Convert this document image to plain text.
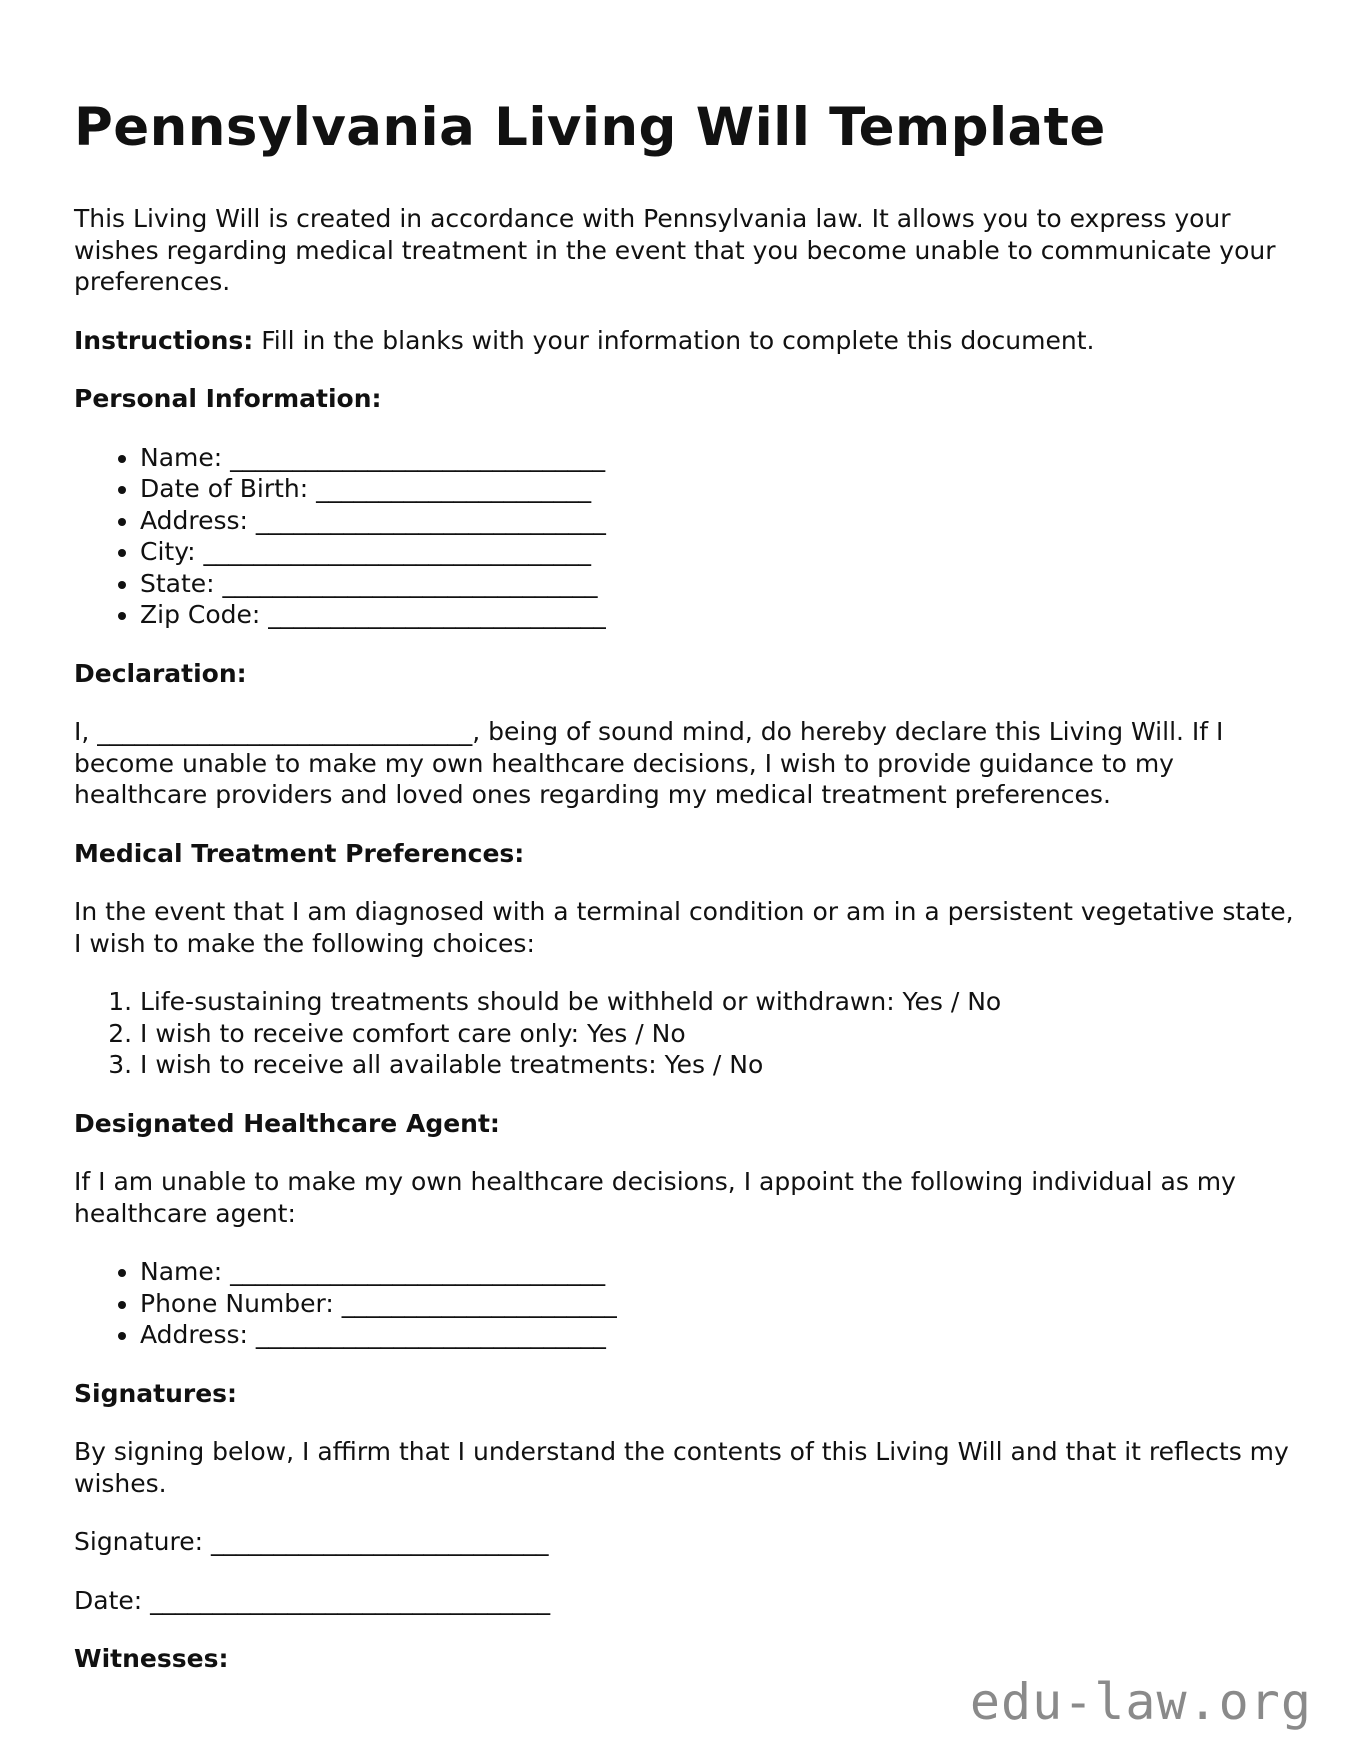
Pennsylvania Living Will Template

This Living Will is created in accordance with Pennsylvania law. It allows you to express your wishes regarding medical treatment in the event that you become unable to communicate your preferences.

Instructions: Fill in the blanks with your information to complete this document.

Personal Information:
• Name: ______________________________
• Date of Birth: ______________________
• Address: ____________________________
• City: _______________________________
• State: ______________________________
• Zip Code: ___________________________
Declaration:

I, ______________________________, being of sound mind, do hereby declare this Living Will. If I become unable to make my own healthcare decisions, I wish to provide guidance to my healthcare providers and loved ones regarding my medical treatment preferences.

Medical Treatment Preferences:

In the event that I am diagnosed with a terminal condition or am in a persistent vegetative state, I wish to make the following choices:

1. Life-sustaining treatments should be withheld or withdrawn: Yes / No
2. I wish to receive comfort care only: Yes / No
3. I wish to receive all available treatments: Yes / No
Designated Healthcare Agent:

If I am unable to make my own healthcare decisions, I appoint the following individual as my healthcare agent:

• Name: ______________________________
• Phone Number: ______________________
• Address: ____________________________
Signatures:

By signing below, I affirm that I understand the contents of this Living Will and that it reflects my wishes.

Signature: ___________________________

Date: ________________________________

Witnesses:
edu-law.org
